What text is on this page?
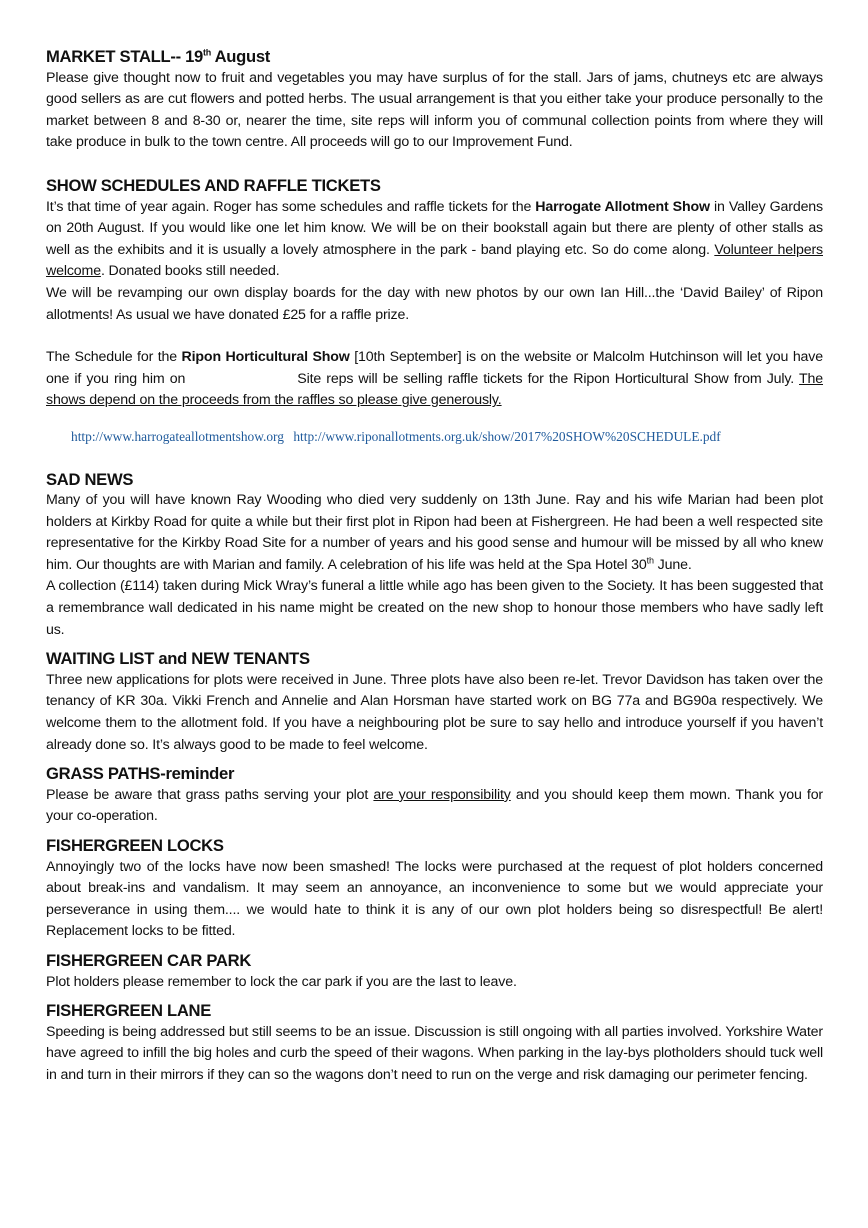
MARKET STALL-- 19th August

Please give thought now to fruit and vegetables you may have surplus of for the stall. Jars of jams, chutneys etc are always good sellers as are cut flowers and potted herbs. The usual arrangement is that you either take your produce personally to the market between 8 and 8-30 or, nearer the time, site reps will inform you of communal collection points from where they will take produce in bulk to the town centre. All proceeds will go to our Improvement Fund.

SHOW SCHEDULES AND RAFFLE TICKETS

It’s that time of year again. Roger has some schedules and raffle tickets for the Harrogate Allotment Show in Valley Gardens on 20th August. If you would like one let him know. We will be on their bookstall again but there are plenty of other stalls as well as the exhibits and it is usually a lovely atmosphere in the park - band playing etc. So do come along. Volunteer helpers welcome. Donated books still needed.

We will be revamping our own display boards for the day with new photos by our own Ian Hill...the ‘David Bailey’ of Ripon allotments! As usual we have donated £25 for a raffle prize.

The Schedule for the Ripon Horticultural Show [10th September] is on the website or Malcolm Hutchinson will let you have one if you ring him on	Site reps will be selling raffle tickets for the Ripon Horticultural Show from July. The shows depend on the proceeds from the raffles so please give generously.

http://www.harrogateallotmentshow.org http://www.riponallotments.org.uk/show/2017%20SHOW%20SCHEDULE.pdf
SAD NEWS

Many of you will have known Ray Wooding who died very suddenly on 13th June. Ray and his wife Marian had been plot holders at Kirkby Road for quite a while but their first plot in Ripon had been at Fishergreen. He had been a well respected site representative for the Kirkby Road Site for a number of years and his good sense and humour will be missed by all who knew him. Our thoughts are with Marian and family. A celebration of his life was held at the Spa Hotel 30th June.

A collection (£114) taken during Mick Wray’s funeral a little while ago has been given to the Society. It has been suggested that a remembrance wall dedicated in his name might be created on the new shop to honour those members who have sadly left us.

WAITING LIST and NEW TENANTS

Three new applications for plots were received in June. Three plots have also been re-let. Trevor Davidson has taken over the tenancy of KR 30a. Vikki French and Annelie and Alan Horsman have started work on BG 77a and BG90a respectively. We welcome them to the allotment fold. If you have a neighbouring plot be sure to say hello and introduce yourself if you haven’t already done so. It’s always good to be made to feel welcome.

GRASS PATHS-reminder

Please be aware that grass paths serving your plot are your responsibility and you should keep them mown. Thank you for your co-operation.

FISHERGREEN LOCKS

Annoyingly two of the locks have now been smashed! The locks were purchased at the request of plot holders concerned about break-ins and vandalism. It may seem an annoyance, an inconvenience to some but we would appreciate your perseverance in using them.... we would hate to think it is any of our own plot holders being so disrespectful! Be alert! Replacement locks to be fitted.

FISHERGREEN CAR PARK

Plot holders please remember to lock the car park if you are the last to leave.

FISHERGREEN LANE

Speeding is being addressed but still seems to be an issue. Discussion is still ongoing with all parties involved. Yorkshire Water have agreed to infill the big holes and curb the speed of their wagons. When parking in the lay-bys plotholders should tuck well in and turn in their mirrors if they can so the wagons don’t need to run on the verge and risk damaging our perimeter fencing.
